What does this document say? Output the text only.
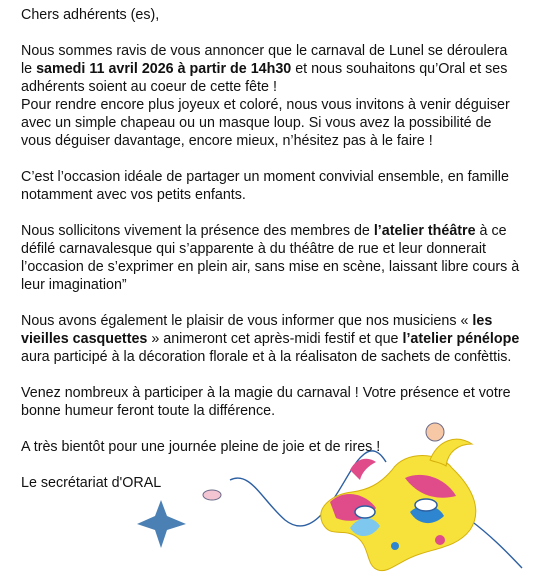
Chers adhérents (es),

Nous sommes ravis de vous annoncer que le carnaval de Lunel se déroulera le samedi 11 avril 2026 à partir de 14h30 et nous souhaitons qu’Oral et ses adhérents soient au coeur de cette fête !
Pour rendre encore plus joyeux et coloré, nous vous invitons à venir déguiser avec un simple chapeau ou un masque loup. Si vous avez la possibilité de vous déguiser davantage, encore mieux, n’hésitez pas à le faire !

C’est l’occasion idéale de partager un moment convivial ensemble, en famille notamment avec vos petits enfants.

Nous sollicitons vivement la présence des membres de l’atelier théâtre à ce défilé carnavalesque qui s’apparente à du théâtre de rue et leur donnerait l’occasion de s’exprimer en plein air, sans mise en scène, laissant libre cours à leur imagination”

Nous avons également le plaisir de vous informer que nos musiciens « les vieilles casquettes » animeront cet après-midi festif et que l’atelier pénélope aura participé à la décoration florale et à la réalisaton de sachets de confèttis.

Venez nombreux à participer à la magie du carnaval ! Votre présence et votre bonne humeur feront toute la différence.

A très bientôt pour une journée pleine de joie et de rires !

Le secrétariat d'ORAL
